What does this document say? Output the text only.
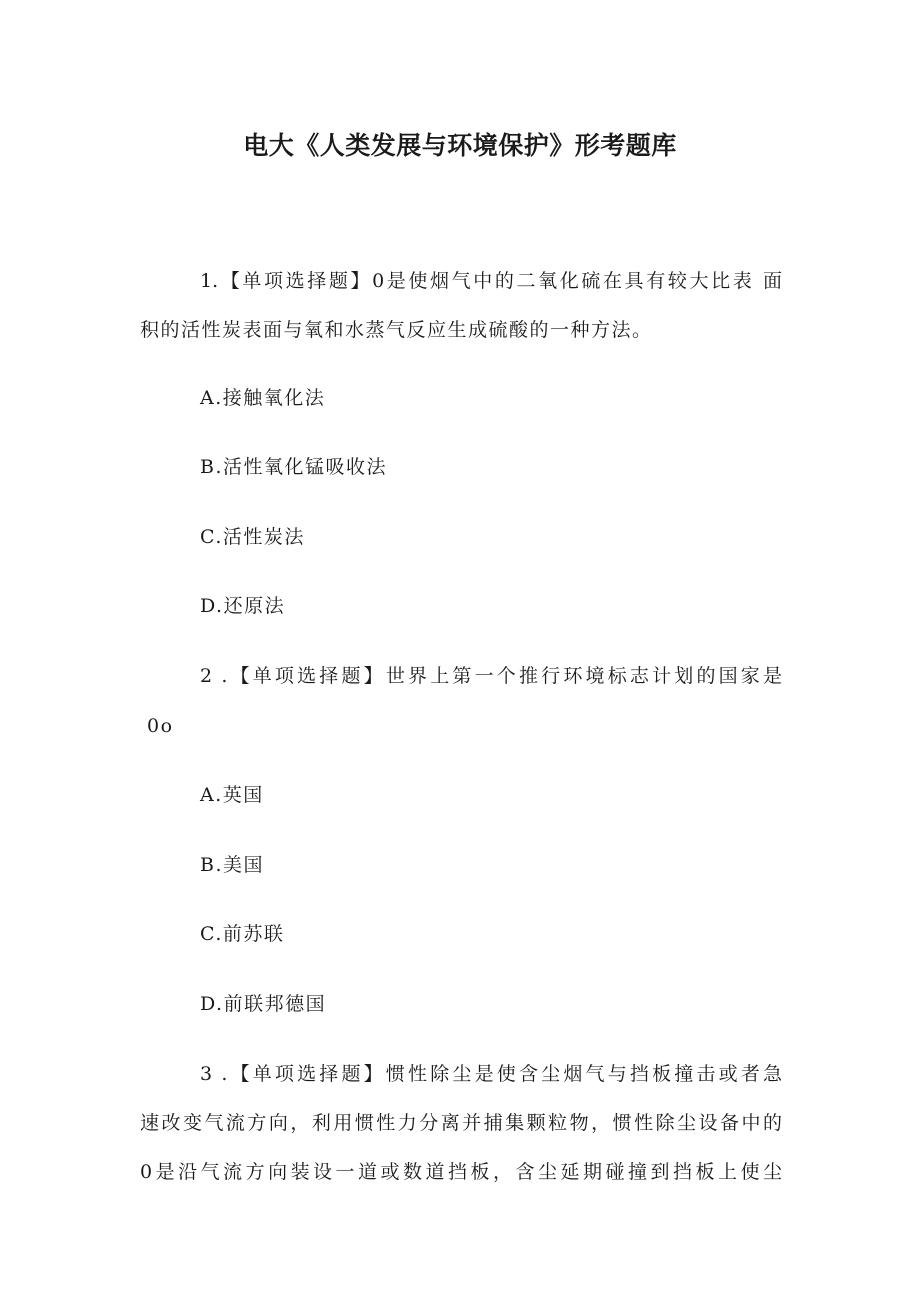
电大《人类发展与环境保护》形考题库
1.【单项选择题】0是使烟气中的二氧化硫在具有较大比表 面
积的活性炭表面与氧和水蒸气反应生成硫酸的一种方法。
A.接触氧化法
B.活性氧化锰吸收法
C.活性炭法
D.还原法
2 .【单项选择题】世界上第一个推行环境标志计划的国家是
0o
A.英国
B.美国
C.前苏联
D.前联邦德国
3 .【单项选择题】惯性除尘是使含尘烟气与挡板撞击或者急
速改变气流方向，利用惯性力分离并捕集颗粒物，惯性除尘设备中的
0是沿气流方向装设一道或数道挡板，含尘延期碰撞到挡板上使尘
